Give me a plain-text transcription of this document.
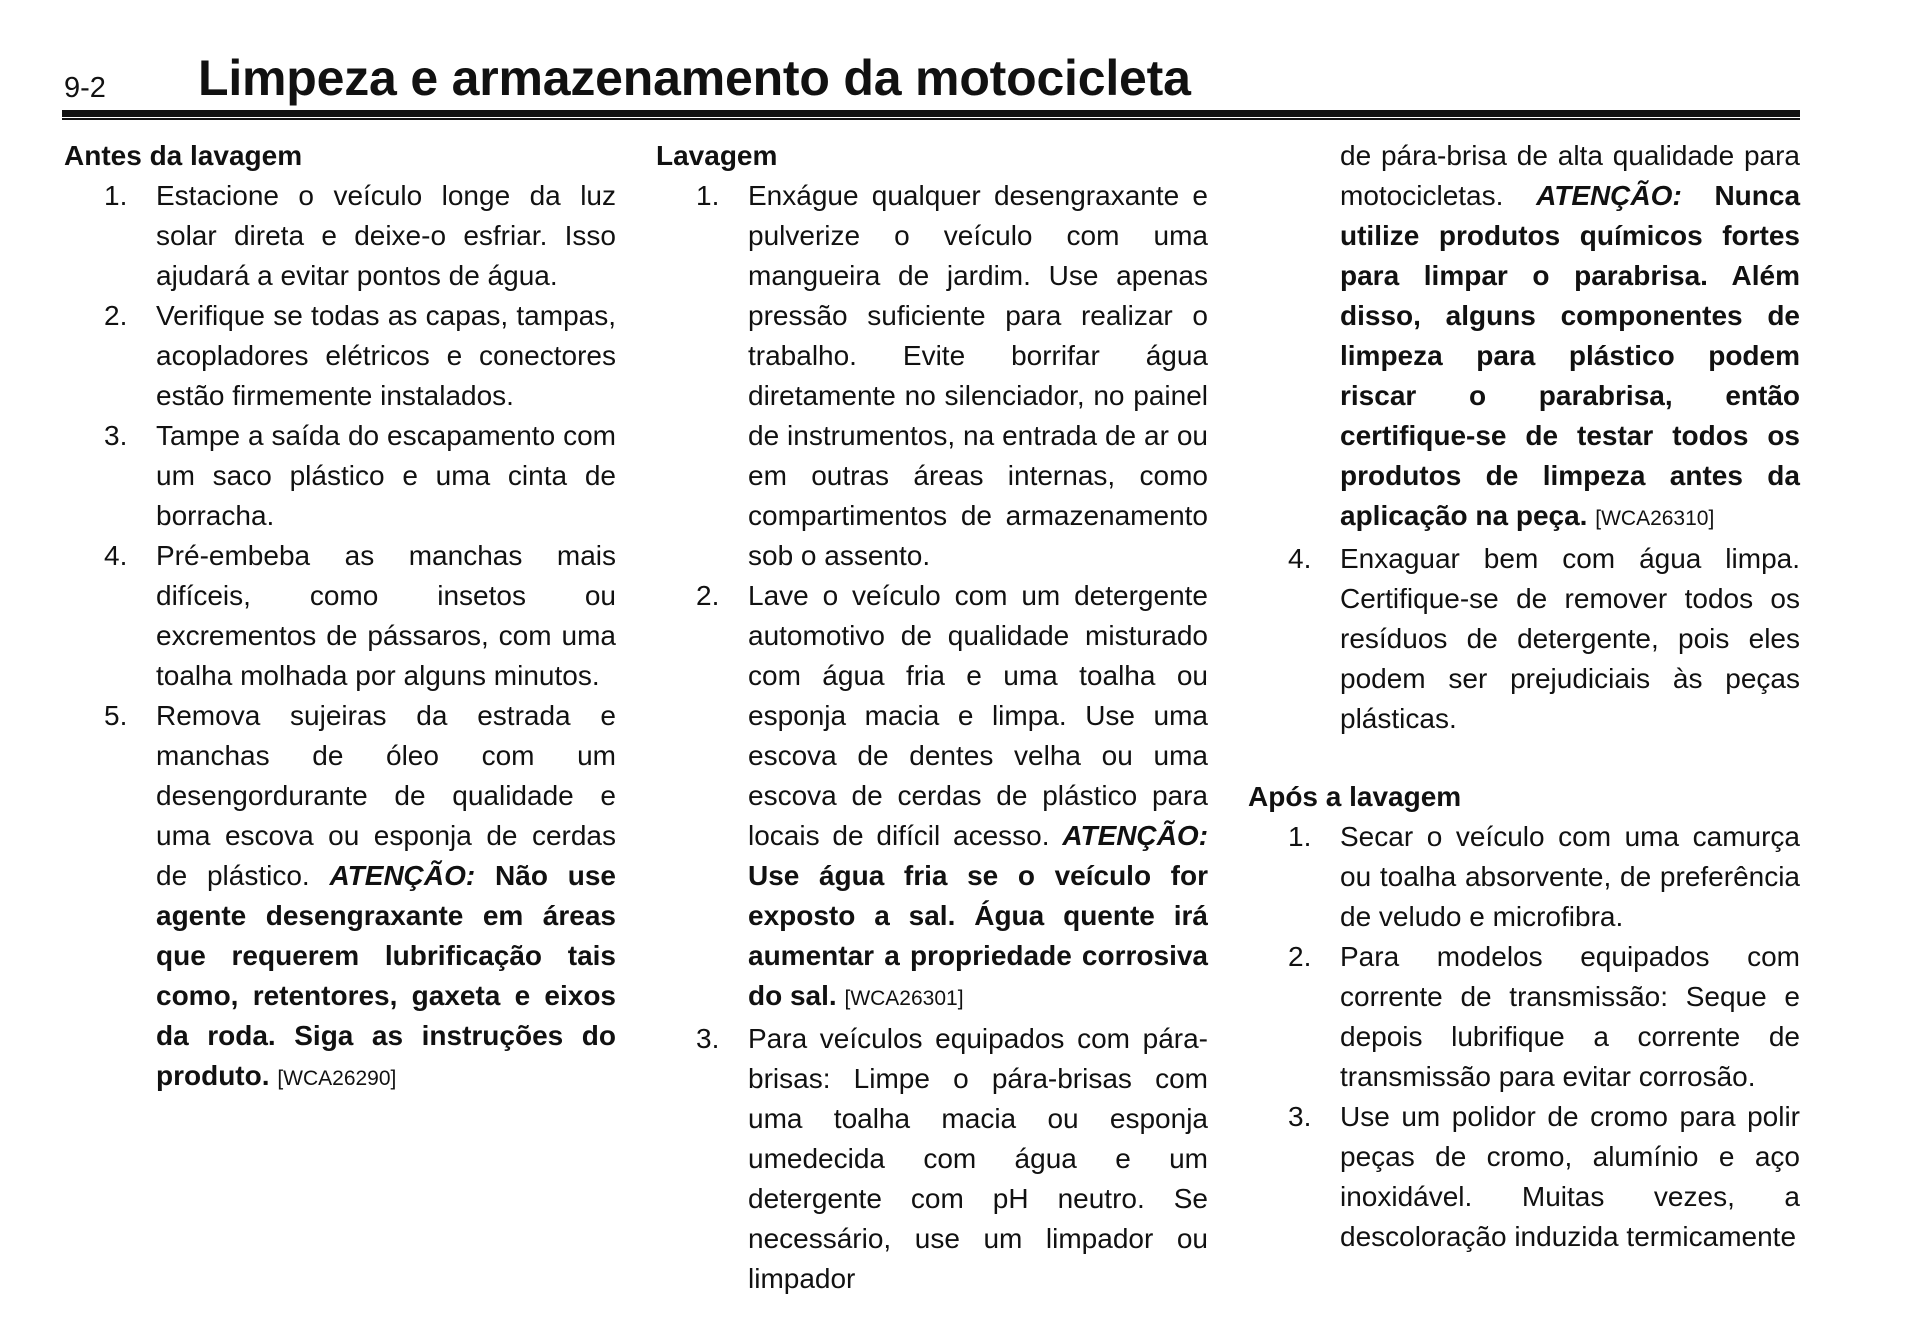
9-2 Limpeza e armazenamento da motocicleta
Antes da lavagem
1.	Estacione o veículo longe da luz solar direta e deixe-o esfriar. Isso ajudará a evitar pontos de água.
2.	Verifique se todas as capas, tampas, acopladores elétricos e conectores estão firmemente instalados.
3.	Tampe a saída do escapamento com um saco plástico e uma cinta de borracha.
4.	Pré-embeba as manchas mais difíceis, como insetos ou excrementos de pássaros, com uma toalha molhada por alguns minutos.
5.	Remova sujeiras da estrada e manchas de óleo com um desengordurante de qualidade e uma escova ou esponja de cerdas de plástico. ATENÇÃO: Não use agente desengraxante em áreas que requerem lubrificação tais como, retentores, gaxeta e eixos da roda. Siga as instruções do produto. [WCA26290]
Lavagem
1.	Enxágue qualquer desengraxante e pulverize o veículo com uma mangueira de jardim. Use apenas pressão suficiente para realizar o trabalho. Evite borrifar água diretamente no silenciador, no painel de instrumentos, na entrada de ar ou em outras áreas internas, como compartimentos de armazenamento sob o assento.
2.	Lave o veículo com um detergente automotivo de qualidade misturado com água fria e uma toalha ou esponja macia e limpa. Use uma escova de dentes velha ou uma escova de cerdas de plástico para locais de difícil acesso. ATENÇÃO: Use água fria se o veículo for exposto a sal. Água quente irá aumentar a propriedade corrosiva do sal. [WCA26301]
3.	Para veículos equipados com pára-brisas: Limpe o pára-brisas com uma toalha macia ou esponja umedecida com água e um detergente com pH neutro. Se necessário, use um limpador ou limpador

de pára-brisa de alta qualidade para motocicletas. ATENÇÃO: Nunca utilize produtos químicos fortes para limpar o parabrisa. Além disso, alguns componentes de limpeza para plástico podem riscar o parabrisa, então certifique-se de testar todos os produtos de limpeza antes da aplicação na peça. [WCA26310]

4.	Enxaguar bem com água limpa. Certifique-se de remover todos os resíduos de detergente, pois eles podem ser prejudiciais às peças plásticas.
Após a lavagem
1.	Secar o veículo com uma camurça ou toalha absorvente, de preferência de veludo e microfibra.
2.	Para modelos equipados com corrente de transmissão: Seque e depois lubrifique a corrente de transmissão para evitar corrosão.
3.	Use um polidor de cromo para polir peças de cromo, alumínio e aço inoxidável. Muitas vezes, a descoloração induzida termicamente
